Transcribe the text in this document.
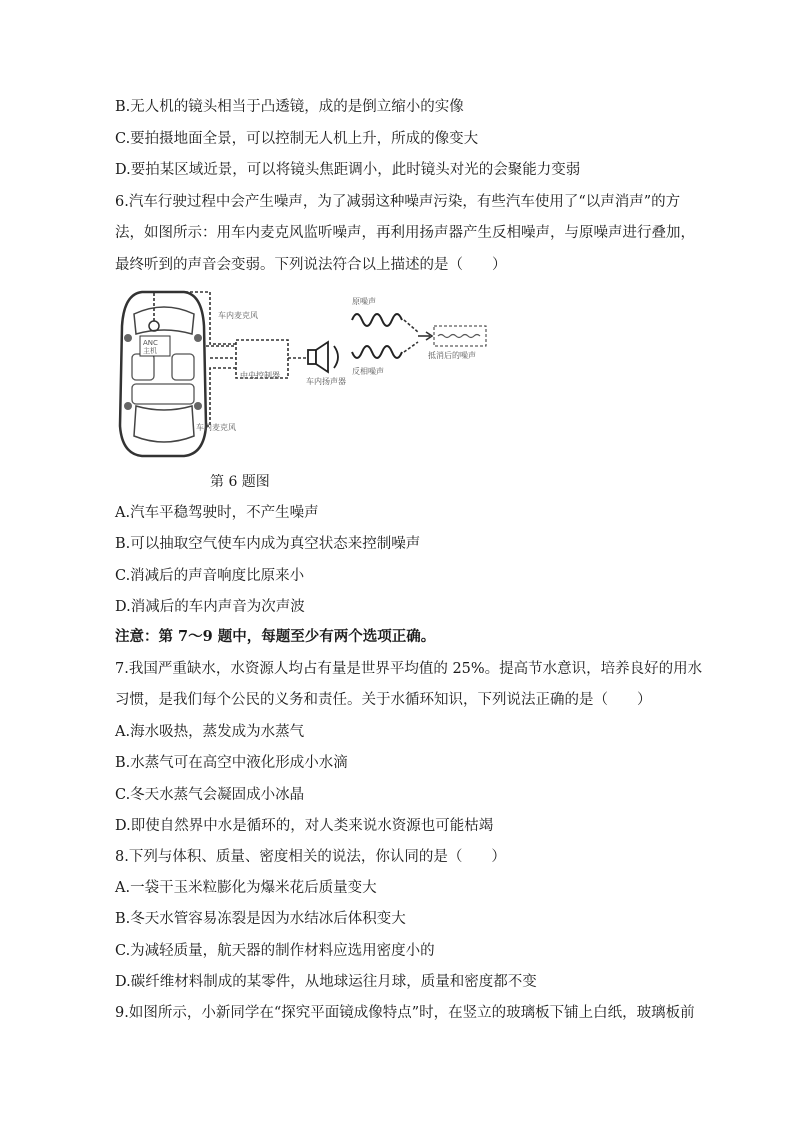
B.无人机的镜头相当于凸透镜，成的是倒立缩小的实像
C.要拍摄地面全景，可以控制无人机上升，所成的像变大
D.要拍某区域近景，可以将镜头焦距调小，此时镜头对光的会聚能力变弱
6.汽车行驶过程中会产生噪声，为了减弱这种噪声污染，有些汽车使用了“以声消声”的方
法，如图所示：用车内麦克风监听噪声，再利用扬声器产生反相噪声，与原噪声进行叠加，
最终听到的声音会变弱。下列说法符合以上描述的是（　　）
ANC
主机
车内麦克风
车内麦克风
中央控制器
车内扬声器
原噪声
反相噪声
抵消后的噪声
第 6 题图
A.汽车平稳驾驶时，不产生噪声
B.可以抽取空气使车内成为真空状态来控制噪声
C.消减后的声音响度比原来小
D.消减后的车内声音为次声波
注意：第 7～9 题中，每题至少有两个选项正确。
7.我国严重缺水，水资源人均占有量是世界平均值的 25%。提高节水意识，培养良好的用水
习惯，是我们每个公民的义务和责任。关于水循环知识，下列说法正确的是（　　）
A.海水吸热，蒸发成为水蒸气
B.水蒸气可在高空中液化形成小水滴
C.冬天水蒸气会凝固成小冰晶
D.即使自然界中水是循环的，对人类来说水资源也可能枯竭
8.下列与体积、质量、密度相关的说法，你认同的是（　　）
A.一袋干玉米粒膨化为爆米花后质量变大
B.冬天水管容易冻裂是因为水结冰后体积变大
C.为减轻质量，航天器的制作材料应选用密度小的
D.碳纤维材料制成的某零件，从地球运往月球，质量和密度都不变
9.如图所示，小新同学在“探究平面镜成像特点”时，在竖立的玻璃板下铺上白纸，玻璃板前
